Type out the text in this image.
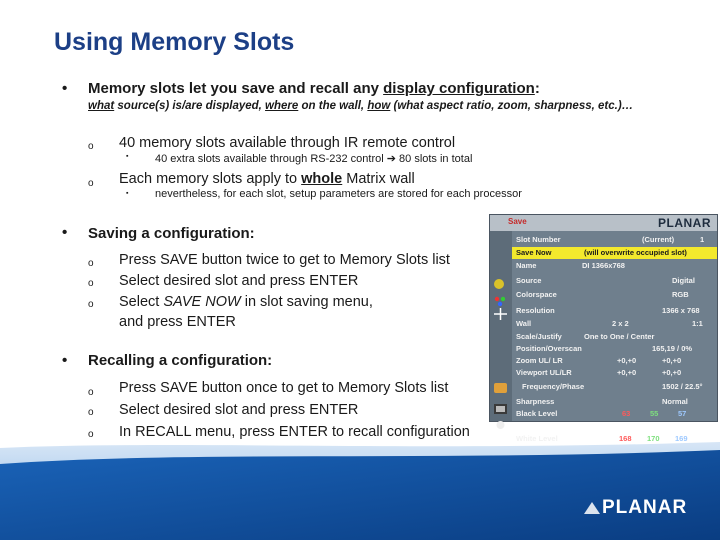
Using Memory Slots
• Memory slots let you save and recall any display configuration:
what source(s) is/are displayed, where on the wall, how (what aspect ratio, zoom, sharpness, etc.)…
o 40 memory slots available through IR remote control
▪ 40 extra slots available through RS-232 control ➔ 80 slots in total
o Each memory slots apply to whole Matrix wall
▪ nevertheless, for each slot, setup parameters are stored for each processor
• Saving a configuration:
o Press SAVE button twice to get to Memory Slots list
o Select desired slot and press ENTER
o Select SAVE NOW in slot saving menu,
and press ENTER
• Recalling a configuration:
o Press SAVE button once to get to Memory Slots list
o Select desired slot and press ENTER
o In RECALL menu, press ENTER to recall configuration
Save	PLANAR
Slot Number	(Current)	1
Save Now	(will overwrite occupied slot)
Name	DI 1366x768
Source	Digital
Colorspace	RGB
Resolution	1366 x 768
Wall	2 x 2	1:1
Scale/Justify	One to One / Center
Position/Overscan	165,19 / 0%
Zoom UL/ LR	+0,+0	+0,+0
Viewport UL/LR	+0,+0	+0,+0
Frequency/Phase	1502 / 22.5°
Sharpness	Normal
Black Level	63	55	57
White Level	168 170 169
PLANAR
